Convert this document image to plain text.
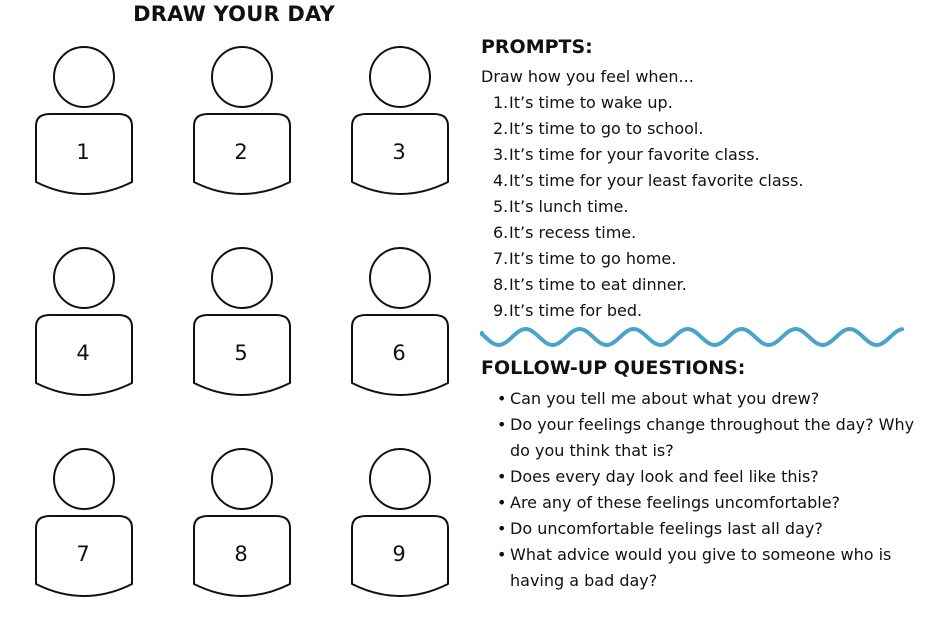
DRAW YOUR DAY
1	2	3
4	5	6
7	8	9
PROMPTS:
Draw how you feel when...
1.It’s time to wake up.
2.It’s time to go to school.
3.It’s time for your favorite class.
4.It’s time for your least favorite class.
5.It’s lunch time.
6.It’s recess time.
7.It’s time to go home.
8.It’s time to eat dinner.
9.It’s time for bed.
FOLLOW-UP QUESTIONS:
• Can you tell me about what you drew?
• Do your feelings change throughout the day? Why do you think that is?
• Does every day look and feel like this?
• Are any of these feelings uncomfortable?
• Do uncomfortable feelings last all day?
• What advice would you give to someone who is having a bad day?
